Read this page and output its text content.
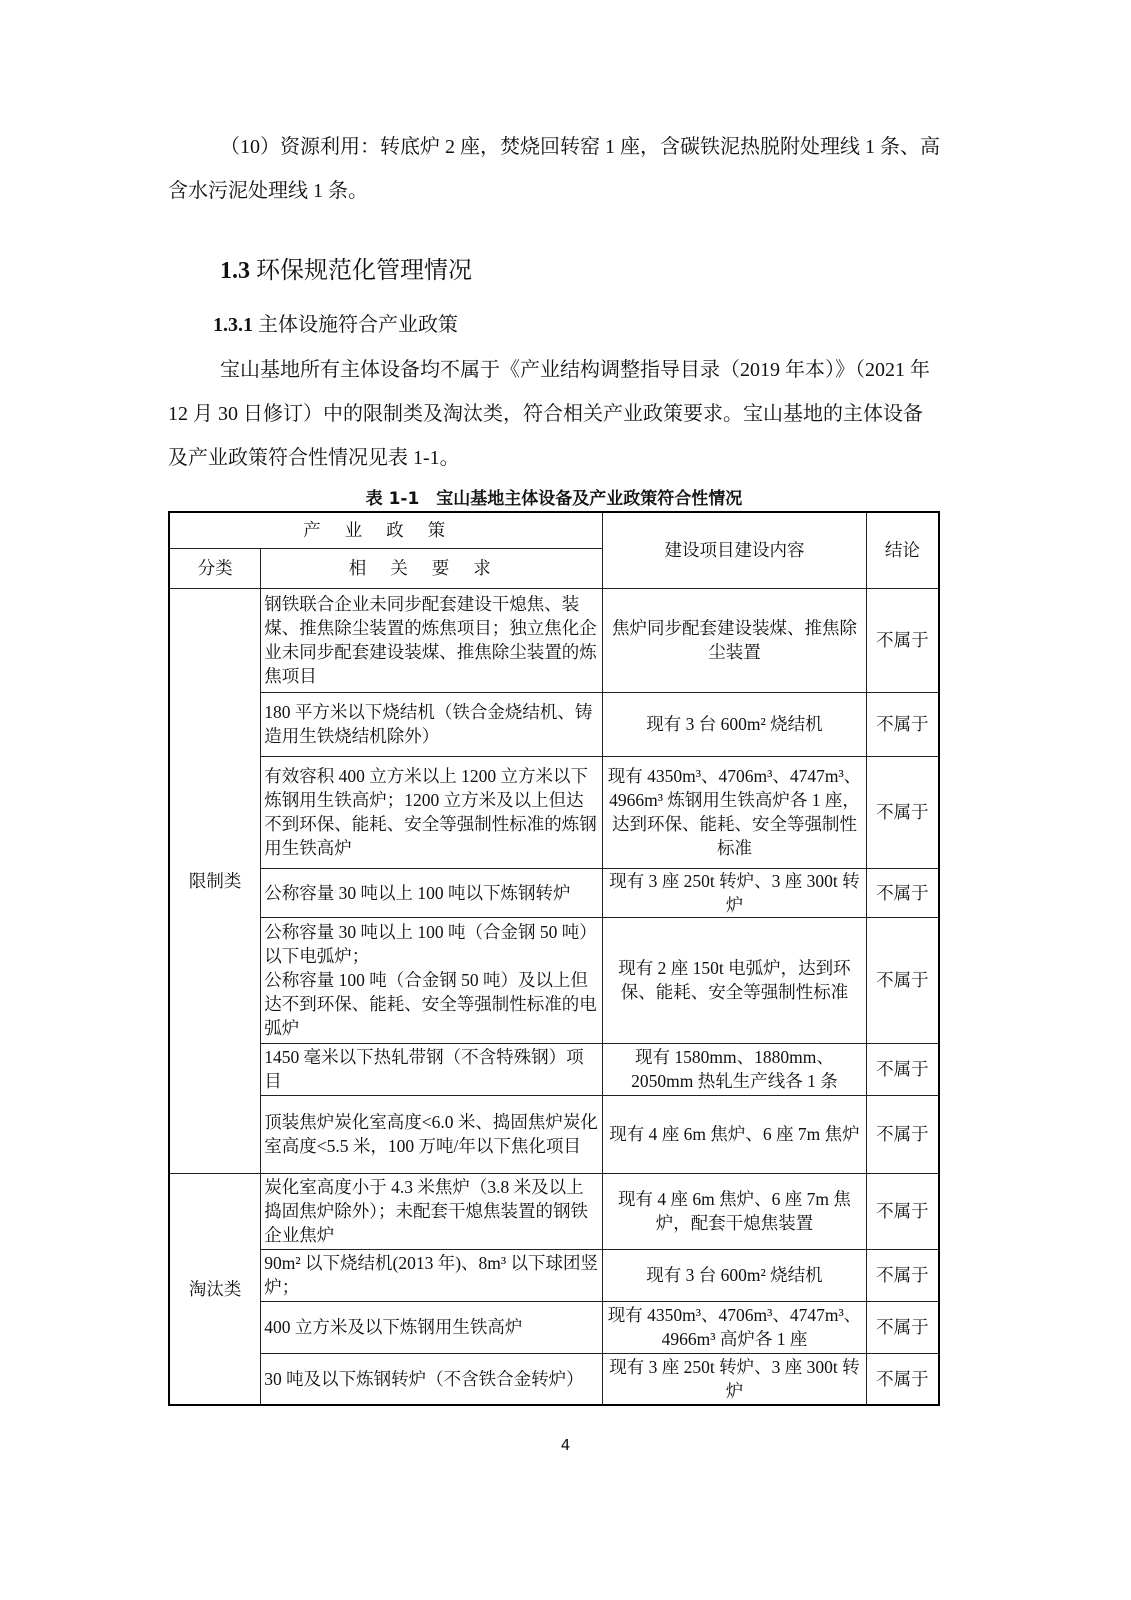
（10）资源利用：转底炉 2 座，焚烧回转窑 1 座，含碳铁泥热脱附处理线 1 条、高含水污泥处理线 1 条。

1.3 环保规范化管理情况
1.3.1 主体设施符合产业政策

宝山基地所有主体设备均不属于《产业结构调整指导目录（2019 年本）》（2021 年 12 月 30 日修订）中的限制类及淘汰类，符合相关产业政策要求。宝山基地的主体设备及产业政策符合性情况见表 1-1。

表 1-1　宝山基地主体设备及产业政策符合性情况
产业政策		建设项目建设内容	结论
分类	相关要求		
限制类	钢铁联合企业未同步配套建设干熄焦、装煤、推焦除尘装置的炼焦项目；独立焦化企业未同步配套建设装煤、推焦除尘装置的炼焦项目	焦炉同步配套建设装煤、推焦除尘装置	不属于
	180 平方米以下烧结机（铁合金烧结机、铸造用生铁烧结机除外）	现有 3 台 600m² 烧结机	不属于
	有效容积 400 立方米以上 1200 立方米以下炼钢用生铁高炉；1200 立方米及以上但达不到环保、能耗、安全等强制性标准的炼钢用生铁高炉	现有 4350m³、4706m³、4747m³、4966m³ 炼钢用生铁高炉各 1 座，达到环保、能耗、安全等强制性标准	不属于
	公称容量 30 吨以上 100 吨以下炼钢转炉	现有 3 座 250t 转炉、3 座 300t 转炉	不属于
	公称容量 30 吨以上 100 吨（合金钢 50 吨）以下电弧炉；
公称容量 100 吨（合金钢 50 吨）及以上但达不到环保、能耗、安全等强制性标准的电弧炉	现有 2 座 150t 电弧炉，达到环保、能耗、安全等强制性标准	不属于
	1450 毫米以下热轧带钢（不含特殊钢）项目	现有 1580mm、1880mm、2050mm 热轧生产线各 1 条	不属于
	顶装焦炉炭化室高度<6.0 米、捣固焦炉炭化室高度<5.5 米，100 万吨/年以下焦化项目	现有 4 座 6m 焦炉、6 座 7m 焦炉	不属于
淘汰类	炭化室高度小于 4.3 米焦炉（3.8 米及以上捣固焦炉除外）；未配套干熄焦装置的钢铁企业焦炉	现有 4 座 6m 焦炉、6 座 7m 焦炉，配套干熄焦装置	不属于
	90m² 以下烧结机(2013 年)、8m³ 以下球团竖炉；	现有 3 台 600m² 烧结机	不属于
	400 立方米及以下炼钢用生铁高炉	现有 4350m³、4706m³、4747m³、4966m³ 高炉各 1 座	不属于
	30 吨及以下炼钢转炉（不含铁合金转炉）	现有 3 座 250t 转炉、3 座 300t 转炉	不属于
4
